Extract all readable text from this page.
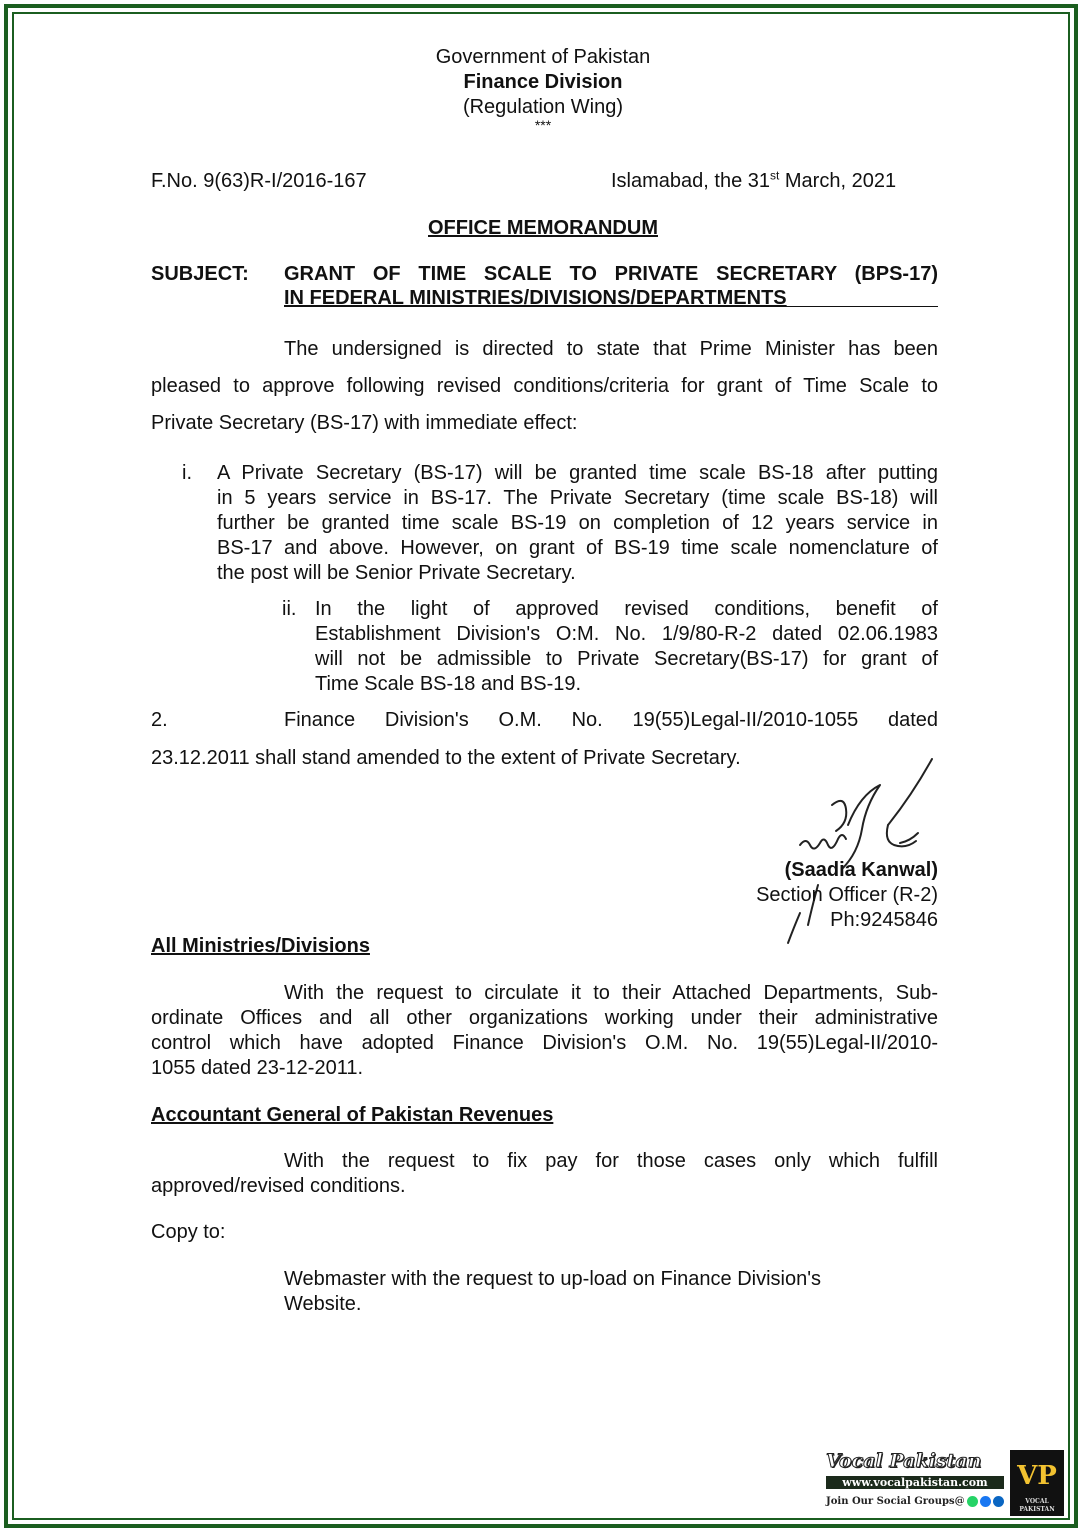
Government of Pakistan
Finance Division
(Regulation Wing)
***
F.No. 9(63)R-I/2016-167	Islamabad, the 31st March, 2021
OFFICE MEMORANDUM
SUBJECT: GRANT OF TIME SCALE TO PRIVATE SECRETARY (BPS-17)
IN FEDERAL MINISTRIES/DIVISIONS/DEPARTMENTS
The undersigned is directed to state that Prime Minister has been
pleased to approve following revised conditions/criteria for grant of Time Scale to
Private Secretary (BS-17) with immediate effect:
i. A Private Secretary (BS-17) will be granted time scale BS-18 after putting
in 5 years service in BS-17. The Private Secretary (time scale BS-18) will
further be granted time scale BS-19 on completion of 12 years service in
BS-17 and above. However, on grant of BS-19 time scale nomenclature of
the post will be Senior Private Secretary.
ii. In the light of approved revised conditions, benefit of
Establishment Division's O:M. No. 1/9/80-R-2 dated 02.06.1983
will not be admissible to Private Secretary(BS-17) for grant of
Time Scale BS-18 and BS-19.
2.	Finance Division's O.M. No. 19(55)Legal-II/2010-1055 dated
23.12.2011 shall stand amended to the extent of Private Secretary.
(Saadia Kanwal)
Section Officer (R-2)
Ph:9245846
All Ministries/Divisions
With the request to circulate it to their Attached Departments, Sub-
ordinate Offices and all other organizations working under their administrative
control which have adopted Finance Division's O.M. No. 19(55)Legal-II/2010-
1055 dated 23-12-2011.
Accountant General of Pakistan Revenues
With the request to fix pay for those cases only which fulfill
approved/revised conditions.
Copy to:
Webmaster with the request to up-load on Finance Division's
Website.
Vocal Pakistan
www.vocalpakistan.com
Join Our Social Groups@
VP
VOCAL PAKISTAN
